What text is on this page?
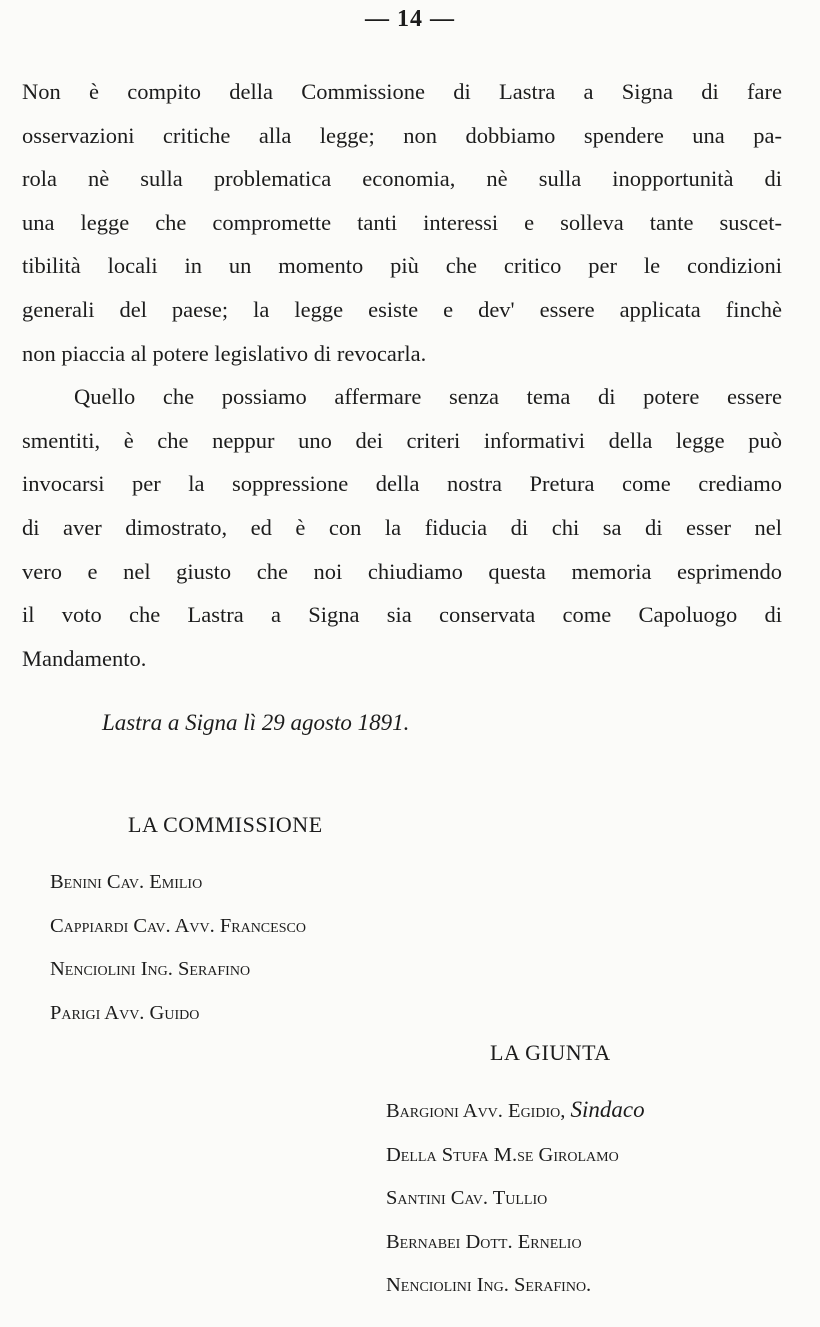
— 14 —
Non è compito della Commissione di Lastra a Signa di fare
osservazioni critiche alla legge; non dobbiamo spendere una pa-
rola nè sulla problematica economia, nè sulla inopportunità di
una legge che compromette tanti interessi e solleva tante suscet-
tibilità locali in un momento più che critico per le condizioni
generali del paese; la legge esiste e dev' essere applicata finchè
non piaccia al potere legislativo di revocarla.
Quello che possiamo affermare senza tema di potere essere
smentiti, è che neppur uno dei criteri informativi della legge può
invocarsi per la soppressione della nostra Pretura come crediamo
di aver dimostrato, ed è con la fiducia di chi sa di esser nel
vero e nel giusto che noi chiudiamo questa memoria esprimendo
il voto che Lastra a Signa sia conservata come Capoluogo di
Mandamento.
Lastra a Signa lì 29 agosto 1891.
LA COMMISSIONE
Benini Cav. Emilio
Cappiardi Cav. Avv. Francesco
Nenciolini Ing. Serafino
Parigi Avv. Guido
LA GIUNTA
Bargioni Avv. Egidio, Sindaco
Della Stufa M.se Girolamo
Santini Cav. Tullio
Bernabei Dott. Ernelio
Nenciolini Ing. Serafino.
